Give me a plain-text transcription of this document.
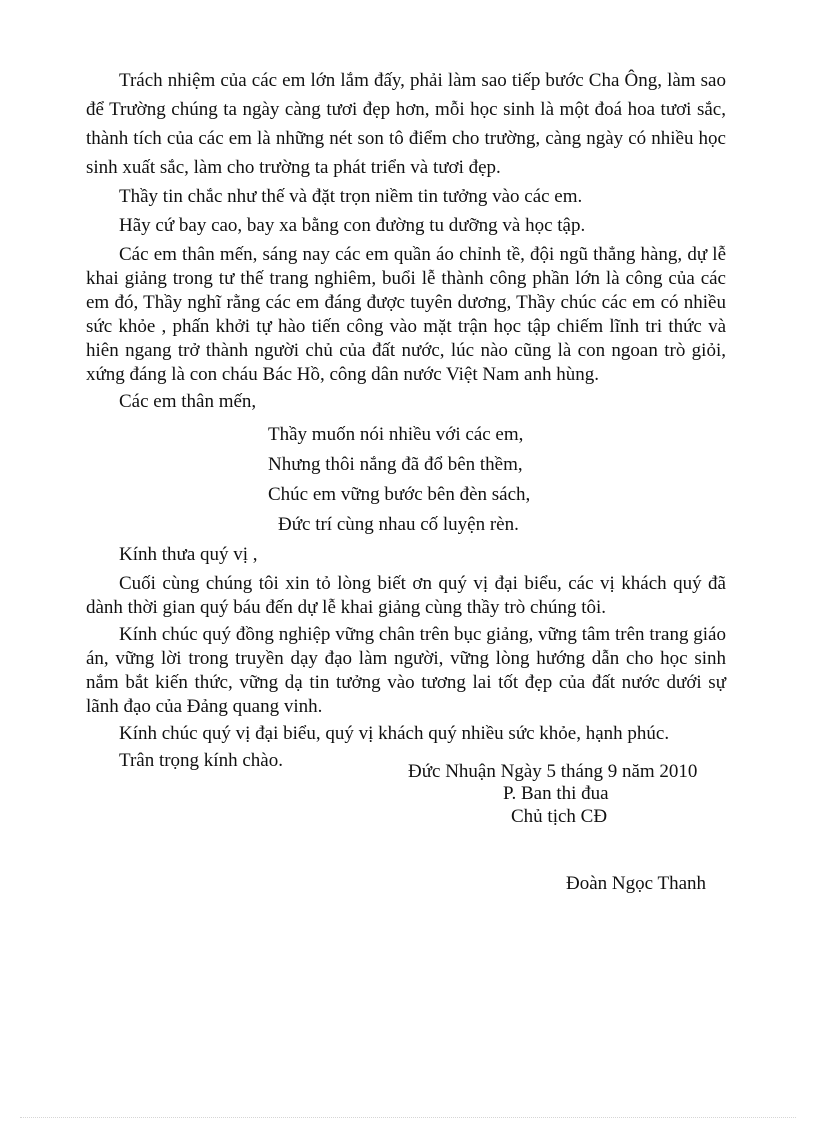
Trách nhiệm của các em lớn lắm đấy, phải làm sao tiếp bước Cha Ông, làm sao để Trường chúng ta ngày càng tươi đẹp hơn, mỗi học sinh là một đoá hoa tươi sắc, thành tích của các em là những nét son tô điểm cho trường, càng ngày có nhiều học sinh xuất sắc, làm cho trường ta phát triển và tươi đẹp.

Thầy tin chắc như thế và đặt trọn niềm tin tưởng vào các em.

Hãy cứ bay cao, bay xa bằng con đường tu dưỡng và học tập.

Các em thân mến, sáng nay các em quần áo chỉnh tề, đội ngũ thẳng hàng, dự lễ khai giảng trong tư thế trang nghiêm, buổi lễ thành công phần lớn là công của các em đó, Thầy nghĩ rằng các em đáng được tuyên dương, Thầy chúc các em có nhiều sức khỏe , phấn khởi tự hào tiến công vào mặt trận học tập chiếm lĩnh tri thức và hiên ngang trở thành người chủ của đất nước, lúc nào cũng là con ngoan trò giỏi, xứng đáng là con cháu Bác Hồ, công dân nước Việt Nam anh hùng.

Các em thân mến,

Thầy muốn nói nhiều với các em,
Nhưng thôi nắng đã đổ bên thềm,
Chúc em vững bước bên đèn sách,
Đức trí cùng nhau cố luyện rèn.

Kính thưa quý vị ,

Cuối cùng chúng tôi xin tỏ lòng biết ơn quý vị đại biểu, các vị khách quý đã dành thời gian quý báu đến dự lễ khai giảng cùng thầy trò chúng tôi.

Kính chúc quý đồng nghiệp vững chân trên bục giảng, vững tâm trên trang giáo án, vững lời trong truyền dạy đạo làm người, vững lòng hướng dẫn cho học sinh nắm bắt kiến thức, vững dạ tin tưởng vào tương lai tốt đẹp của đất nước dưới sự lãnh đạo của Đảng quang vinh.

Kính chúc quý vị đại biểu, quý vị khách quý nhiều sức khỏe, hạnh phúc.

Trân trọng kính chào.

Đức Nhuận Ngày 5 tháng 9 năm 2010
P. Ban thi đua
Chủ tịch CĐ
Đoàn Ngọc Thanh
